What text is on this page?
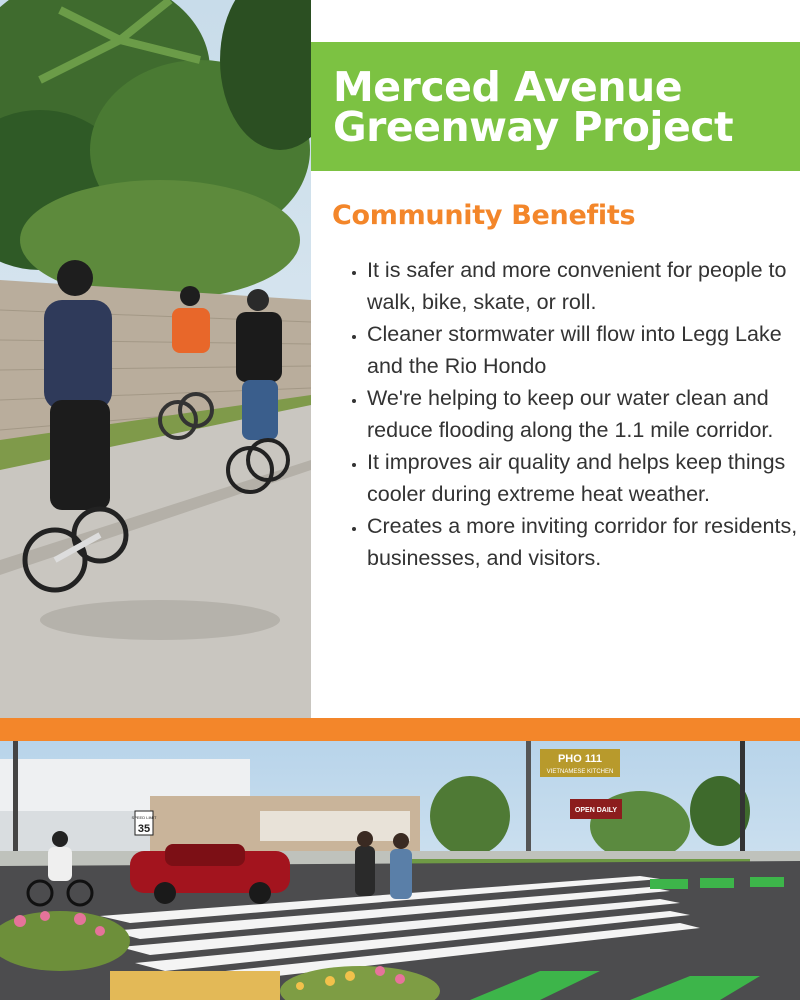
Merced Avenue
Greenway Project
Community Benefits
• It is safer and more convenient for people to walk, bike, skate, or roll.
• Cleaner stormwater will flow into Legg Lake and the Rio Hondo
• We're helping to keep our water clean and reduce flooding along the 1.1 mile corridor.
• It improves air quality and helps keep things cooler during extreme heat weather.
• Creates a more inviting corridor for residents, businesses, and visitors.
PHO 111
VIETNAMESE KITCHEN
OPEN DAILY
SPEED LIMIT
35
